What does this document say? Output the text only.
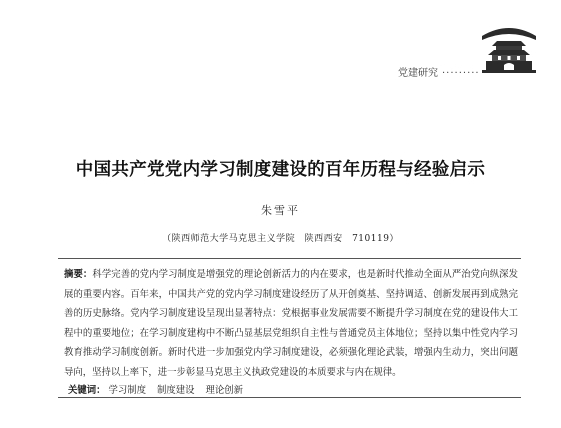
党建研究 ·········
中国共产党党内学习制度建设的百年历程与经验启示
朱雪平
（陕西师范大学马克思主义学院　陕西西安　710119）

摘要：科学完善的党内学习制度是增强党的理论创新活力的内在要求，也是新时代推动全面从严治党向纵深发展的重要内容。百年来，中国共产党的党内学习制度建设经历了从开创奠基、坚持调适、创新发展再到成熟完善的历史脉络。党内学习制度建设呈现出显著特点：党根据事业发展需要不断提升学习制度在党的建设伟大工程中的重要地位；在学习制度建构中不断凸显基层党组织自主性与普通党员主体地位；坚持以集中性党内学习教育推动学习制度创新。新时代进一步加强党内学习制度建设，必须强化理论武装，增强内生动力，突出问题导向，坚持以上率下，进一步彰显马克思主义执政党建设的本质要求与内在规律。

关键词： 学习制度 制度建设 理论创新
